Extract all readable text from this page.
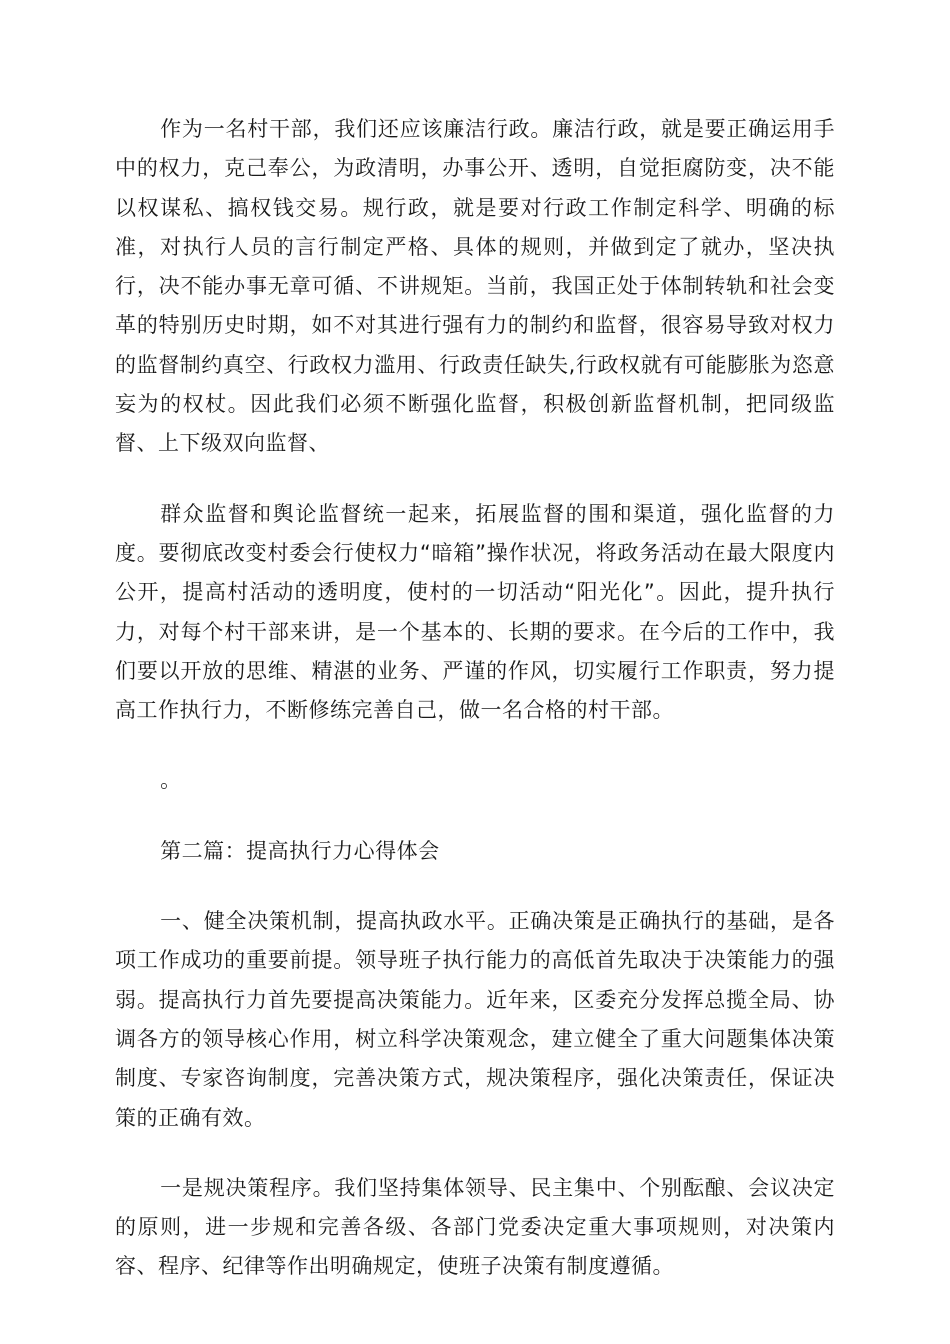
作为一名村干部，我们还应该廉洁行政。廉洁行政，就是要正确运用手中的权力，克己奉公，为政清明，办事公开、透明，自觉拒腐防变，决不能以权谋私、搞权钱交易。规行政，就是要对行政工作制定科学、明确的标准，对执行人员的言行制定严格、具体的规则，并做到定了就办，坚决执行，决不能办事无章可循、不讲规矩。当前，我国正处于体制转轨和社会变革的特别历史时期，如不对其进行强有力的制约和监督，很容易导致对权力的监督制约真空、行政权力滥用、行政责任缺失,行政权就有可能膨胀为恣意妄为的权杖。因此我们必须不断强化监督，积极创新监督机制，把同级监督、上下级双向监督、

群众监督和舆论监督统一起来，拓展监督的围和渠道，强化监督的力度。要彻底改变村委会行使权力“暗箱”操作状况，将政务活动在最大限度内公开，提高村活动的透明度，使村的一切活动“阳光化”。因此，提升执行力，对每个村干部来讲，是一个基本的、长期的要求。在今后的工作中，我们要以开放的思维、精湛的业务、严谨的作风，切实履行工作职责，努力提高工作执行力，不断修练完善自己，做一名合格的村干部。

。

第二篇：提高执行力心得体会

一、健全决策机制，提高执政水平。正确决策是正确执行的基础，是各项工作成功的重要前提。领导班子执行能力的高低首先取决于决策能力的强弱。提高执行力首先要提高决策能力。近年来，区委充分发挥总揽全局、协调各方的领导核心作用，树立科学决策观念，建立健全了重大问题集体决策制度、专家咨询制度，完善决策方式，规决策程序，强化决策责任，保证决策的正确有效。

一是规决策程序。我们坚持集体领导、民主集中、个别酝酿、会议决定的原则，进一步规和完善各级、各部门党委决定重大事项规则，对决策内容、程序、纪律等作出明确规定，使班子决策有制度遵循。
